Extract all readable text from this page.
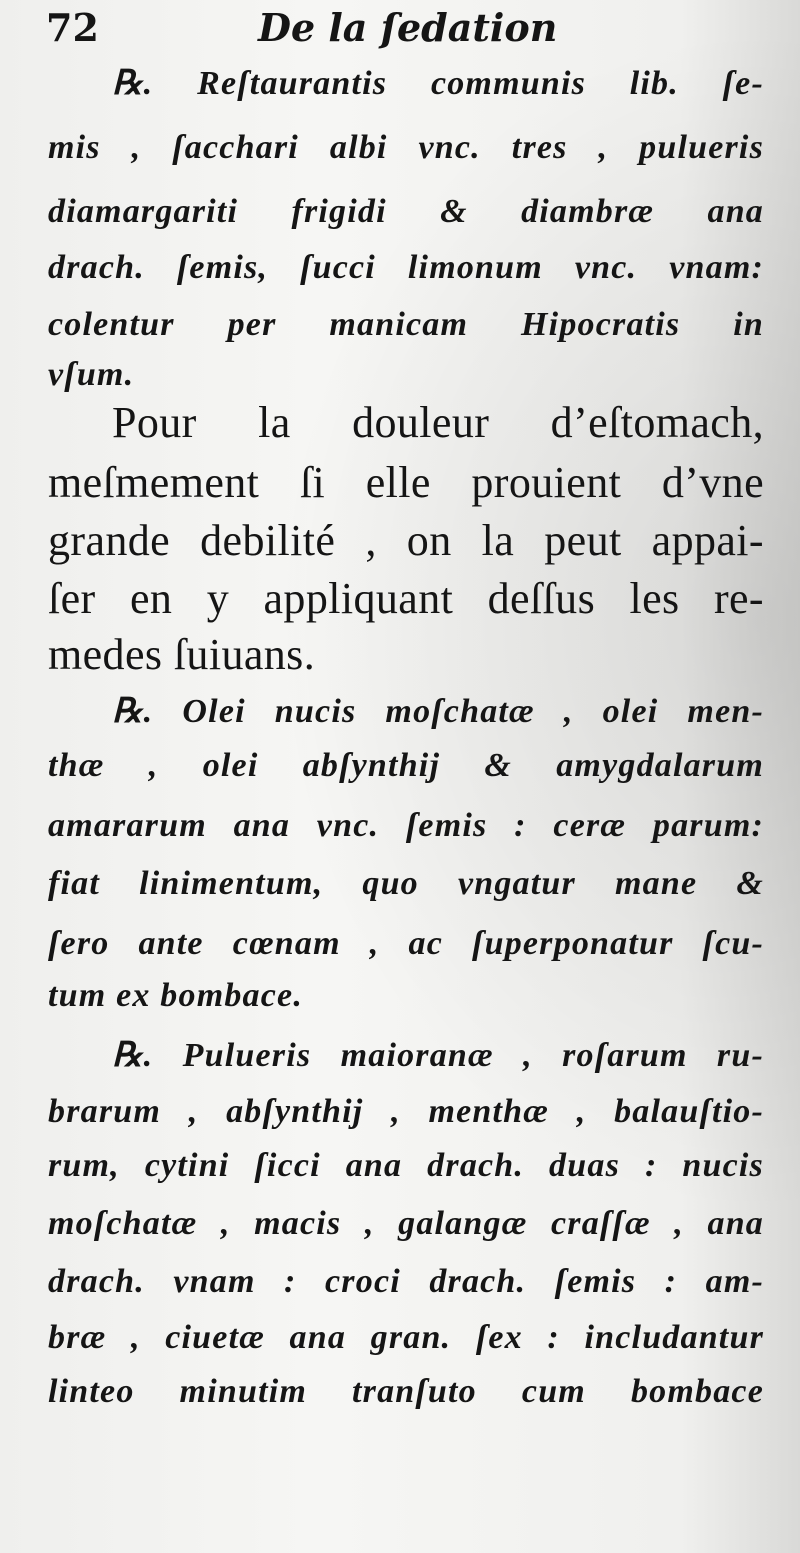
72	De la ſedation
℞. Reſtaurantis communis lib. ſe-
mis , ſacchari albi vnc. tres , pulueris
diamargariti frigidi & diambræ ana
drach. ſemis, ſucci limonum vnc. vnam:
colentur per manicam Hipocratis in
vſum.
Pour la douleur d’eſtomach,
meſmement ſi elle prouient d’vne
grande debilité , on la peut appai-
ſer en y appliquant deſſus les re-
medes ſuiuans.
℞. Olei nucis moſchatæ , olei men-
thæ , olei abſynthij & amygdalarum
amararum ana vnc. ſemis : ceræ parum:
fiat linimentum, quo vngatur mane &
ſero ante cœnam , ac ſuperponatur ſcu-
tum ex bombace.
℞. Pulueris maioranæ , roſarum ru-
brarum , abſynthij , menthæ , balauſtio-
rum, cytini ſicci ana drach. duas : nucis
moſchatæ , macis , galangæ craſſæ , ana
drach. vnam : croci drach. ſemis : am-
bræ , ciuetæ ana gran. ſex : includantur
linteo minutim tranſuto cum bombace
